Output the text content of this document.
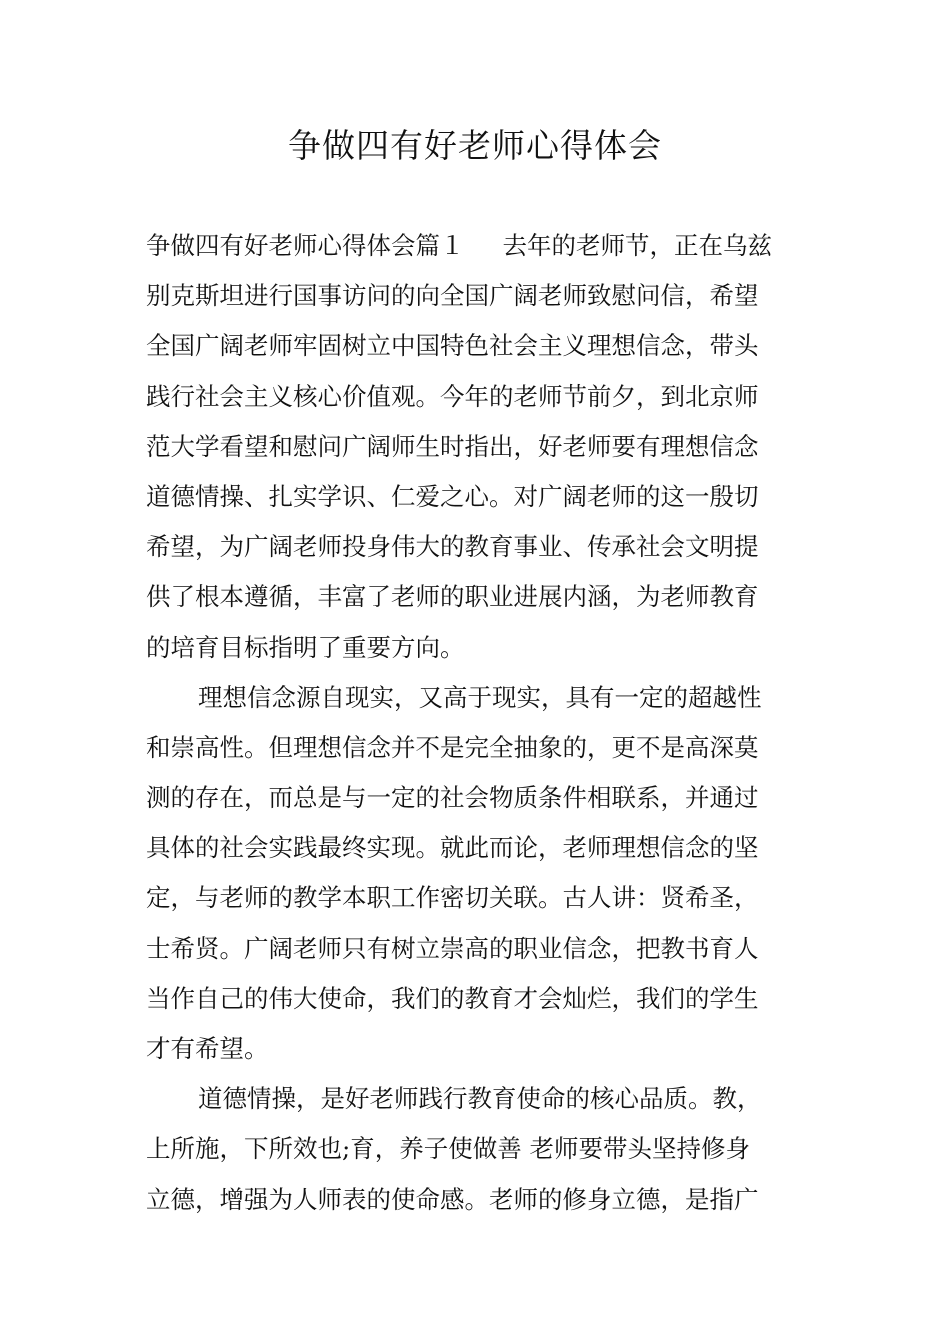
争做四有好老师心得体会
争做四有好老师心得体会篇１ 去年的老师节，正在乌兹
别克斯坦进行国事访问的向全国广阔老师致慰问信，希望
全国广阔老师牢固树立中国特色社会主义理想信念，带头
践行社会主义核心价值观。今年的老师节前夕，到北京师
范大学看望和慰问广阔师生时指出，好老师要有理想信念
道德情操、扎实学识、仁爱之心。对广阔老师的这一殷切
希望，为广阔老师投身伟大的教育事业、传承社会文明提
供了根本遵循，丰富了老师的职业进展内涵，为老师教育
的培育目标指明了重要方向。
理想信念源自现实，又高于现实，具有一定的超越性
和崇高性。但理想信念并不是完全抽象的，更不是高深莫
测的存在，而总是与一定的社会物质条件相联系，并通过
具体的社会实践最终实现。就此而论，老师理想信念的坚
定，与老师的教学本职工作密切关联。古人讲：贤希圣，
士希贤。广阔老师只有树立崇高的职业信念，把教书育人
当作自己的伟大使命，我们的教育才会灿烂，我们的学生
才有希望。
道德情操，是好老师践行教育使命的核心品质。教，
上所施，下所效也;育，养子使做善 老师要带头坚持修身
立德，增强为人师表的使命感。老师的修身立德，是指广
